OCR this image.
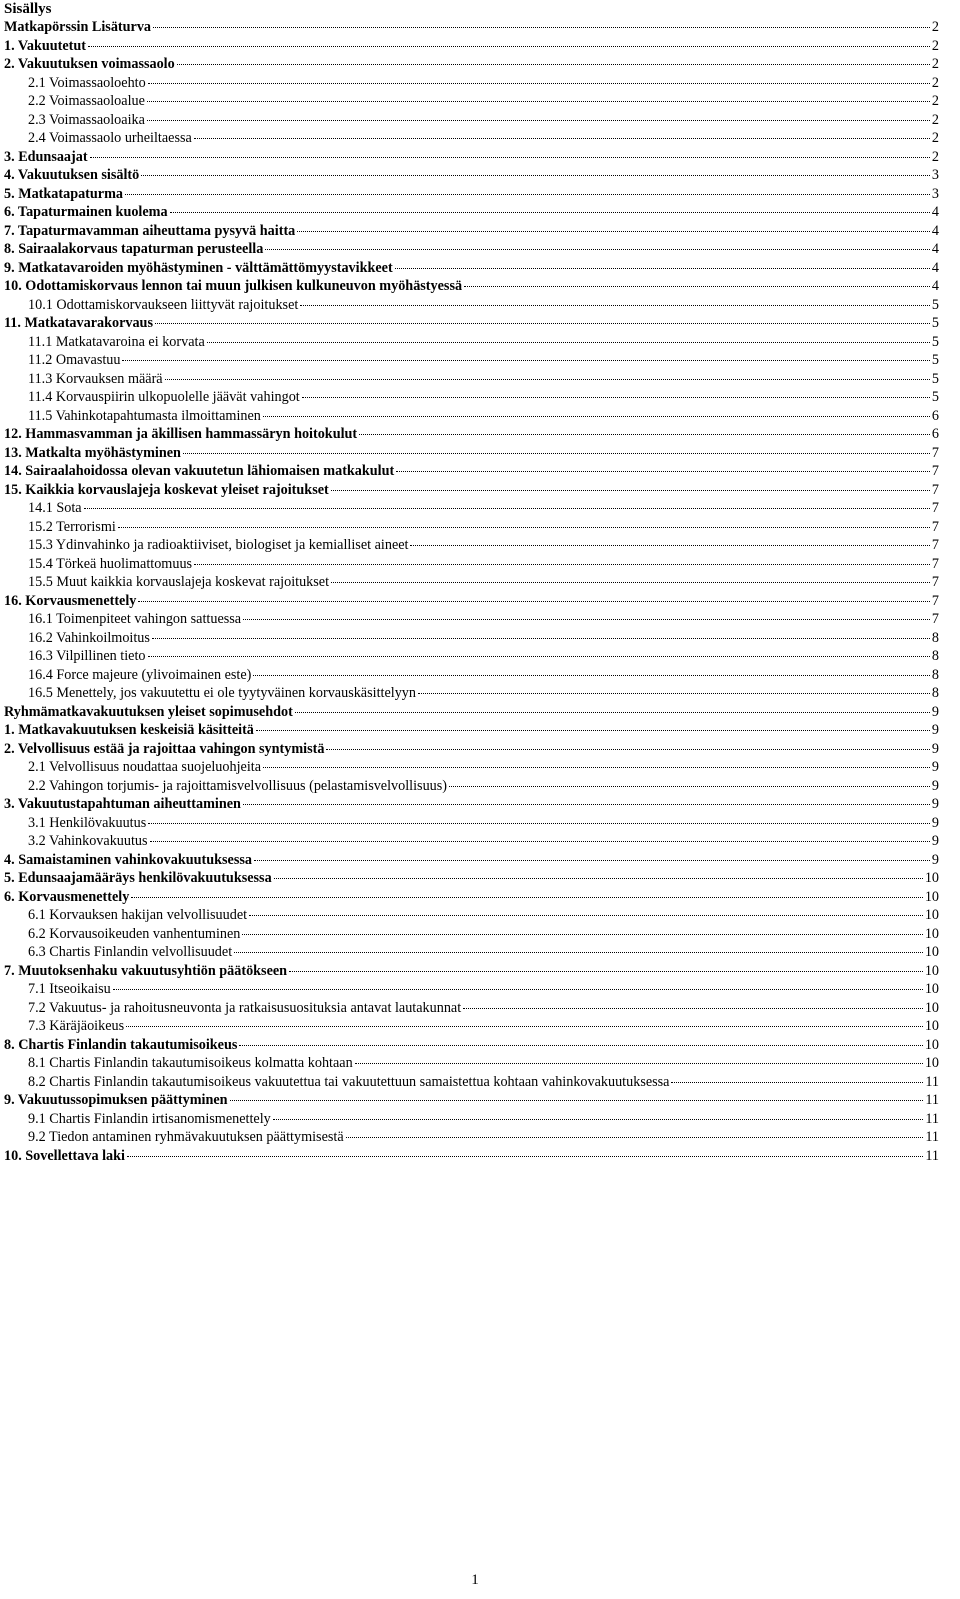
Sisällys
Matkapörssin Lisäturva	2
1. Vakuutetut	2
2. Vakuutuksen voimassaolo	2
2.1 Voimassaoloehto	2
2.2 Voimassaoloalue	2
2.3 Voimassaoloaika	2
2.4 Voimassaolo urheiltaessa	2
3. Edunsaajat	2
4. Vakuutuksen sisältö	3
5. Matkatapaturma	3
6. Tapaturmainen kuolema	4
7. Tapaturmavamman aiheuttama pysyvä haitta	4
8. Sairaalakorvaus tapaturman perusteella	4
9. Matkatavaroiden myöhästyminen - välttämättömyystavikkeet	4
10. Odottamiskorvaus lennon tai muun julkisen kulkuneuvon myöhästyessä	4
10.1 Odottamiskorvaukseen liittyvät rajoitukset	5
11. Matkatavarakorvaus	5
11.1 Matkatavaroina ei korvata	5
11.2 Omavastuu	5
11.3 Korvauksen määrä	5
11.4 Korvauspiirin ulkopuolelle jäävät vahingot	5
11.5 Vahinkotapahtumasta ilmoittaminen	6
12. Hammasvamman ja äkillisen hammassäryn hoitokulut	6
13. Matkalta myöhästyminen	7
14. Sairaalahoidossa olevan vakuutetun lähiomaisen matkakulut	7
15. Kaikkia korvauslajeja koskevat yleiset rajoitukset	7
14.1 Sota	7
15.2 Terrorismi	7
15.3 Ydinvahinko ja radioaktiiviset, biologiset ja kemialliset aineet	7
15.4 Törkeä huolimattomuus	7
15.5 Muut kaikkia korvauslajeja koskevat rajoitukset	7
16. Korvausmenettely	7
16.1 Toimenpiteet vahingon sattuessa	7
16.2 Vahinkoilmoitus	8
16.3 Vilpillinen tieto	8
16.4 Force majeure (ylivoimainen este)	8
16.5 Menettely, jos vakuutettu ei ole tyytyväinen korvauskäsittelyyn	8
Ryhmämatkavakuutuksen yleiset sopimusehdot	9
1. Matkavakuutuksen keskeisiä käsitteitä	9
2. Velvollisuus estää ja rajoittaa vahingon syntymistä	9
2.1 Velvollisuus noudattaa suojeluohjeita	9
2.2 Vahingon torjumis- ja rajoittamisvelvollisuus (pelastamisvelvollisuus)	9
3. Vakuutustapahtuman aiheuttaminen	9
3.1 Henkilövakuutus	9
3.2 Vahinkovakuutus	9
4. Samaistaminen vahinkovakuutuksessa	9
5. Edunsaajamääräys henkilövakuutuksessa	10
6. Korvausmenettely	10
6.1 Korvauksen hakijan velvollisuudet	10
6.2 Korvausoikeuden vanhentuminen	10
6.3 Chartis Finlandin velvollisuudet	10
7. Muutoksenhaku vakuutusyhtiön päätökseen	10
7.1 Itseoikaisu	10
7.2 Vakuutus- ja rahoitusneuvonta ja ratkaisusuosituksia antavat lautakunnat	10
7.3 Käräjäoikeus	10
8. Chartis Finlandin takautumisoikeus	10
8.1 Chartis Finlandin takautumisoikeus kolmatta kohtaan	10
8.2 Chartis Finlandin takautumisoikeus vakuutettua tai vakuutettuun samaistettua kohtaan vahinkovakuutuksessa	11
9. Vakuutussopimuksen päättyminen	11
9.1 Chartis Finlandin irtisanomismenettely	11
9.2 Tiedon antaminen ryhmävakuutuksen päättymisestä	11
10. Sovellettava laki	11
1
